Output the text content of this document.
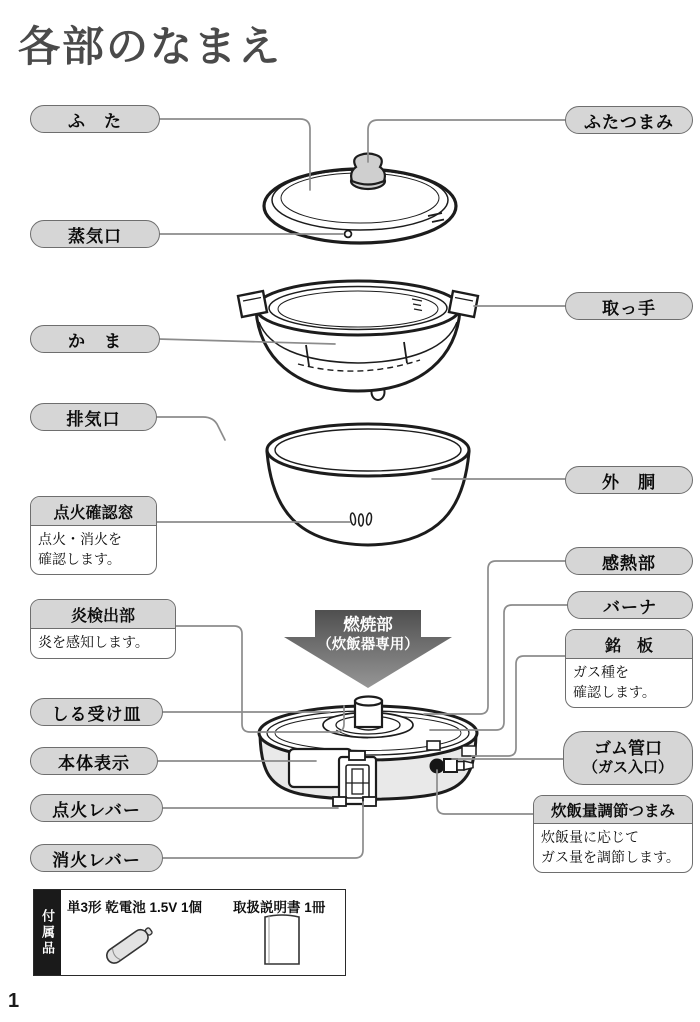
各部のなまえ
ふ　た
蒸気口
か　ま
排気口
点火確認窓
点火・消火を
確認します。
炎検出部
炎を感知します。
しる受け皿
本体表示
点火レバー
消火レバー
ふたつまみ
取っ手
外　胴
感熱部
バーナ
銘　板
ガス種を
確認します。
ゴム管口
（ガス入口）
炊飯量調節つまみ
炊飯量に応じて
ガス量を調節します。
燃焼部
（炊飯器専用）
付属品
単3形 乾電池 1.5V 1個 取扱説明書 1冊
1
